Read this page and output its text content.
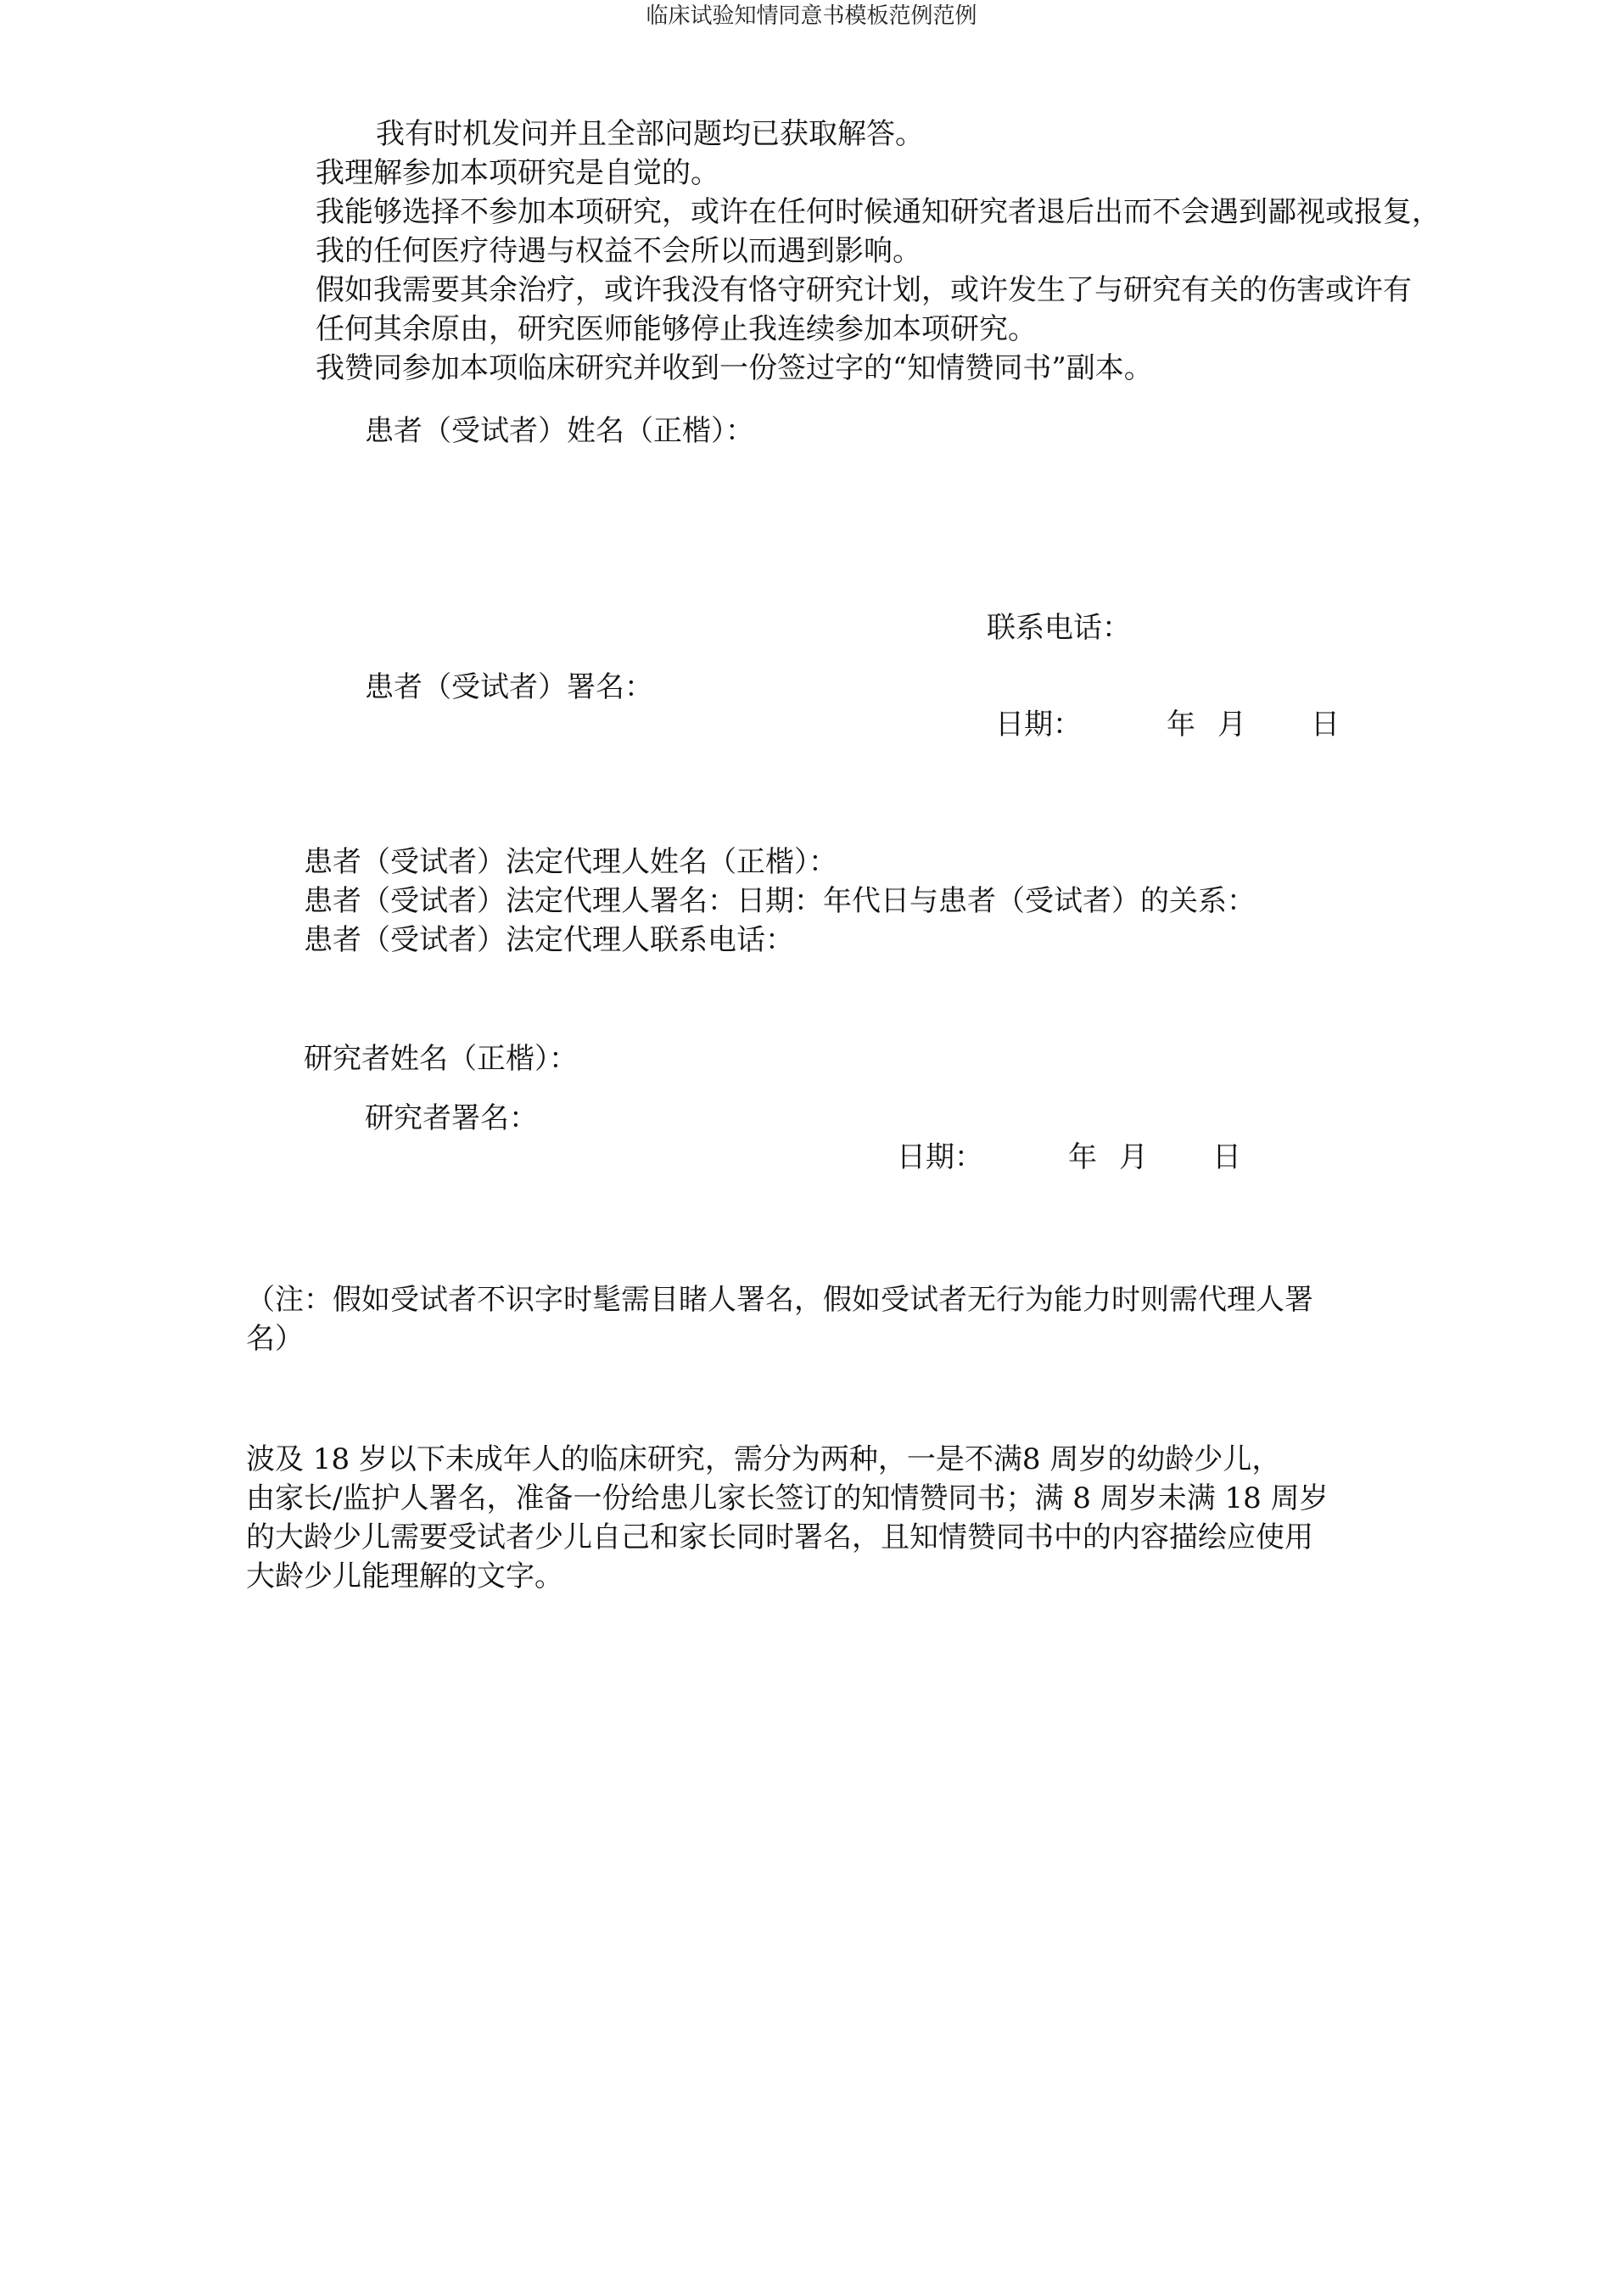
临床试验知情同意书模板范例范例
我有时机发问并且全部问题均已获取解答。
我理解参加本项研究是自觉的。
我能够选择不参加本项研究，或许在任何时候通知研究者退后出而不会遇到鄙视或报复，
我的任何医疗待遇与权益不会所以而遇到影响。
假如我需要其余治疗，或许我没有恪守研究计划，或许发生了与研究有关的伤害或许有
任何其余原由，研究医师能够停止我连续参加本项研究。
我赞同参加本项临床研究并收到一份签过字的“知情赞同书”副本。
患者（受试者）姓名（正楷）：
联系电话：
患者（受试者）署名：
日期：	年 月 日
患者（受试者）法定代理人姓名（正楷）：
患者（受试者）法定代理人署名：日期：年代日与患者（受试者）的关系：
患者（受试者）法定代理人联系电话：
研究者姓名（正楷）：
研究者署名：
日期：	年 月 日
（注：假如受试者不识字时髦需目睹人署名，假如受试者无行为能力时则需代理人署
名）
波及 18 岁以下未成年人的临床研究，需分为两种，一是不满8 周岁的幼龄少儿，
由家长/监护人署名，准备一份给患儿家长签订的知情赞同书；满 8 周岁未满 18 周岁
的大龄少儿需要受试者少儿自己和家长同时署名，且知情赞同书中的内容描绘应使用
大龄少儿能理解的文字。
